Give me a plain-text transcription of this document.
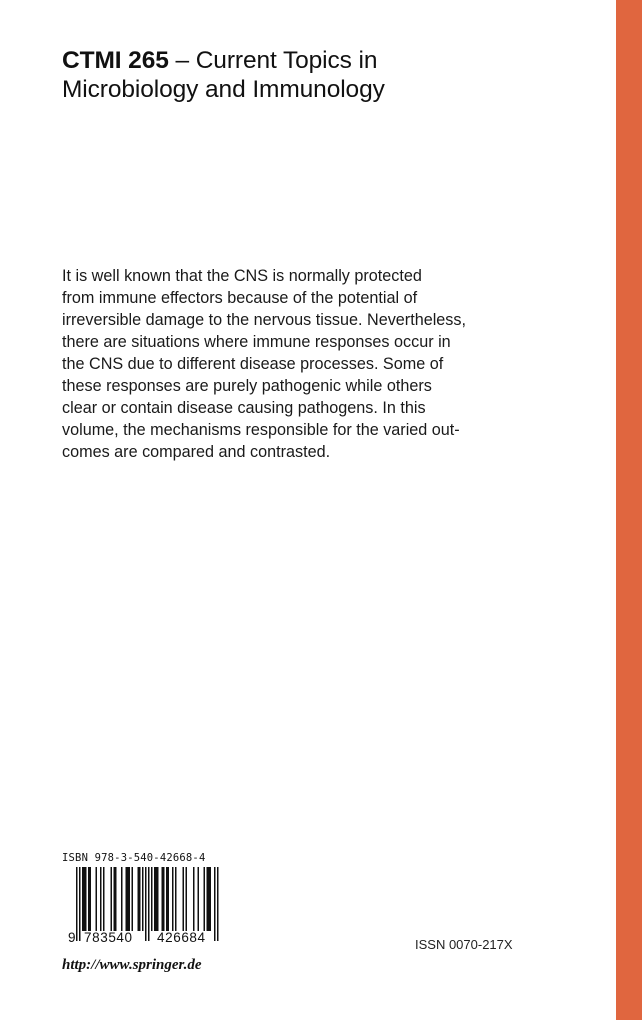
CTMI 265 – Current Topics in
Microbiology and Immunology
It is well known that the CNS is normally protected
from immune effectors because of the potential of
irreversible damage to the nervous tissue. Nevertheless,
there are situations where immune responses occur in
the CNS due to different disease processes. Some of
these responses are purely pathogenic while others
clear or contain disease causing pathogens. In this
volume, the mechanisms responsible for the varied out-
comes are compared and contrasted.
ISBN 978-3-540-42668-4
9 783540 426684	ISSN 0070-217X
http://www.springer.de
